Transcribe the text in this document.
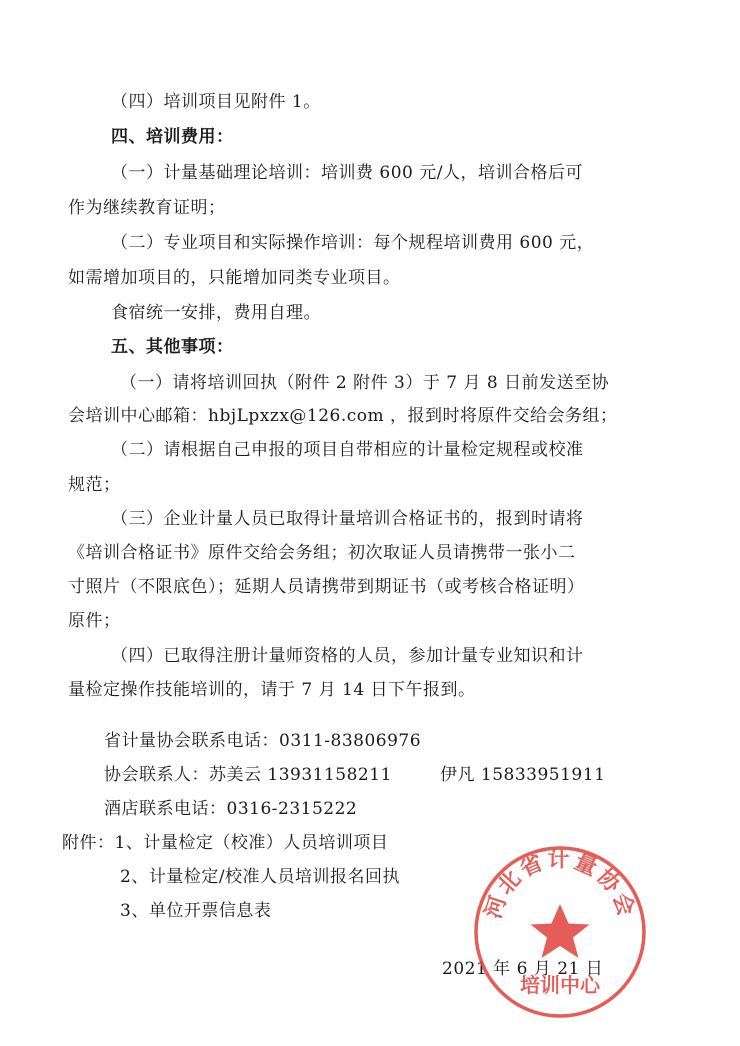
（四）培训项目见附件 1。
四、培训费用：
（一）计量基础理论培训：培训费 600 元/人，培训合格后可
作为继续教育证明；
（二）专业项目和实际操作培训：每个规程培训费用 600 元，
如需增加项目的，只能增加同类专业项目。
食宿统一安排，费用自理。
五、其他事项：
（一）请将培训回执（附件 2 附件 3）于 7 月 8 日前发送至协
会培训中心邮箱：hbjLpxzx@126.com ，报到时将原件交给会务组；
（二）请根据自己申报的项目自带相应的计量检定规程或校准
规范；
（三）企业计量人员已取得计量培训合格证书的，报到时请将
《培训合格证书》原件交给会务组；初次取证人员请携带一张小二
寸照片（不限底色）；延期人员请携带到期证书（或考核合格证明）
原件；
（四）已取得注册计量师资格的人员，参加计量专业知识和计
量检定操作技能培训的，请于 7 月 14 日下午报到。
省计量协会联系电话：0311-83806976
协会联系人：苏美云 13931158211	伊凡 15833951911
酒店联系电话：0316-2315222
附件：1、计量检定（校准）人员培训项目
2、计量检定/校准人员培训报名回执
3、单位开票信息表
2021 年 6 月 21 日
河北省计量协会
培训中心
